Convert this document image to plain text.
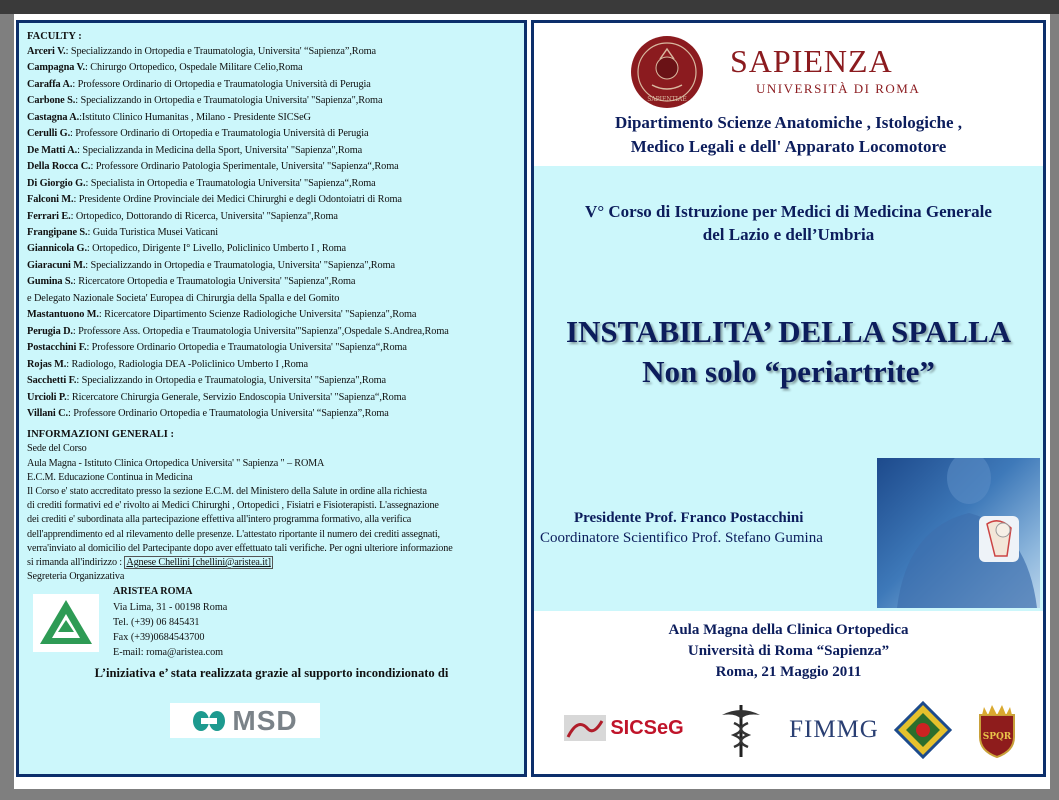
FACULTY :
Arceri V.: Specializzando in Ortopedia e Traumatologia, Universita' “Sapienza”,Roma
Campagna V.: Chirurgo Ortopedico, Ospedale Militare Celio,Roma
Caraffa A.: Professore Ordinario di Ortopedia e Traumatologia Università di Perugia
Carbone S.: Specializzando in Ortopedia e Traumatologia Universita' "Sapienza",Roma
Castagna A.:Istituto Clinico Humanitas , Milano - Presidente SICSeG
Cerulli G.: Professore Ordinario di Ortopedia e Traumatologia Università di Perugia
De Matti A.: Specializzanda in Medicina della Sport, Universita' "Sapienza",Roma
Della Rocca C.: Professore Ordinario Patologia Sperimentale, Universita' "Sapienza“,Roma
Di Giorgio G.: Specialista in Ortopedia e Traumatologia Universita' "Sapienza“,Roma
Falconi M.: Presidente Ordine Provinciale dei Medici Chirurghi e degli Odontoiatri di Roma
Ferrari E.: Ortopedico, Dottorando di Ricerca, Universita' "Sapienza",Roma
Frangipane S.: Guida Turistica Musei Vaticani
Giannicola G.: Ortopedico, Dirigente I° Livello, Policlinico Umberto I , Roma
Giaracuni M.: Specializzando in Ortopedia e Traumatologia, Universita' "Sapienza",Roma
Gumina S.: Ricercatore Ortopedia e Traumatologia Universita' "Sapienza",Roma
e Delegato Nazionale Societa' Europea di Chirurgia della Spalla e del Gomito
Mastantuono M.: Ricercatore Dipartimento Scienze Radiologiche Universita' "Sapienza",Roma
Perugia D.: Professore Ass. Ortopedia e Traumatologia Universita'"Sapienza",Ospedale S.Andrea,Roma
Postacchini F.: Professore Ordinario Ortopedia e Traumatologia Universita' "Sapienza“,Roma
Rojas M.: Radiologo, Radiologia DEA -Policlinico Umberto I ,Roma
Sacchetti F.: Specializzando in Ortopedia e Traumatologia, Universita' "Sapienza",Roma
Urcioli P.: Ricercatore Chirurgia Generale, Servizio Endoscopia Universita' "Sapienza“,Roma
Villani C.: Professore Ordinario Ortopedia e Traumatologia Universita' “Sapienza”,Roma
INFORMAZIONI GENERALI :
Sede del Corso
Aula Magna - Istituto Clinica Ortopedica Universita' " Sapienza " – ROMA
E.C.M. Educazione Continua in Medicina
Il Corso e' stato accreditato presso la sezione E.C.M. del Ministero della Salute in ordine alla richiesta
di crediti formativi ed e' rivolto ai Medici Chirurghi , Ortopedici , Fisiatri e Fisioterapisti. L'assegnazione
dei crediti e' subordinata alla partecipazione effettiva all'intero programma formativo, alla verifica
dell'apprendimento ed al rilevamento delle presenze. L'attestato riportante il numero dei crediti assegnati,
verra'inviato al domicilio del Partecipante dopo aver effettuato tali verifiche. Per ogni ulteriore informazione
si rimanda all'indirizzo : Agnese Chellini [chellini@aristea.it]
Segreteria Organizzativa
ARISTEA ROMA
Via Lima, 31 - 00198 Roma
Tel. (+39) 06 845431
Fax (+39)0684543700
E-mail: roma@aristea.com
L’iniziativa e’ stata realizzata grazie al supporto incondizionato di
MSD
SAPIENTIAE
SAPIENZA
UNIVERSITÀ DI ROMA
Dipartimento Scienze Anatomiche , Istologiche ,
Medico Legali e dell' Apparato Locomotore
V° Corso di Istruzione per Medici di Medicina Generale
del Lazio e dell’Umbria
INSTABILITA’ DELLA SPALLA
Non solo “periartrite”
Presidente Prof. Franco Postacchini
Coordinatore Scientifico Prof. Stefano Gumina
Aula Magna della Clinica Ortopedica
Università di Roma “Sapienza”
Roma, 21 Maggio 2011
SICSeG	FIMMG	SPQR
